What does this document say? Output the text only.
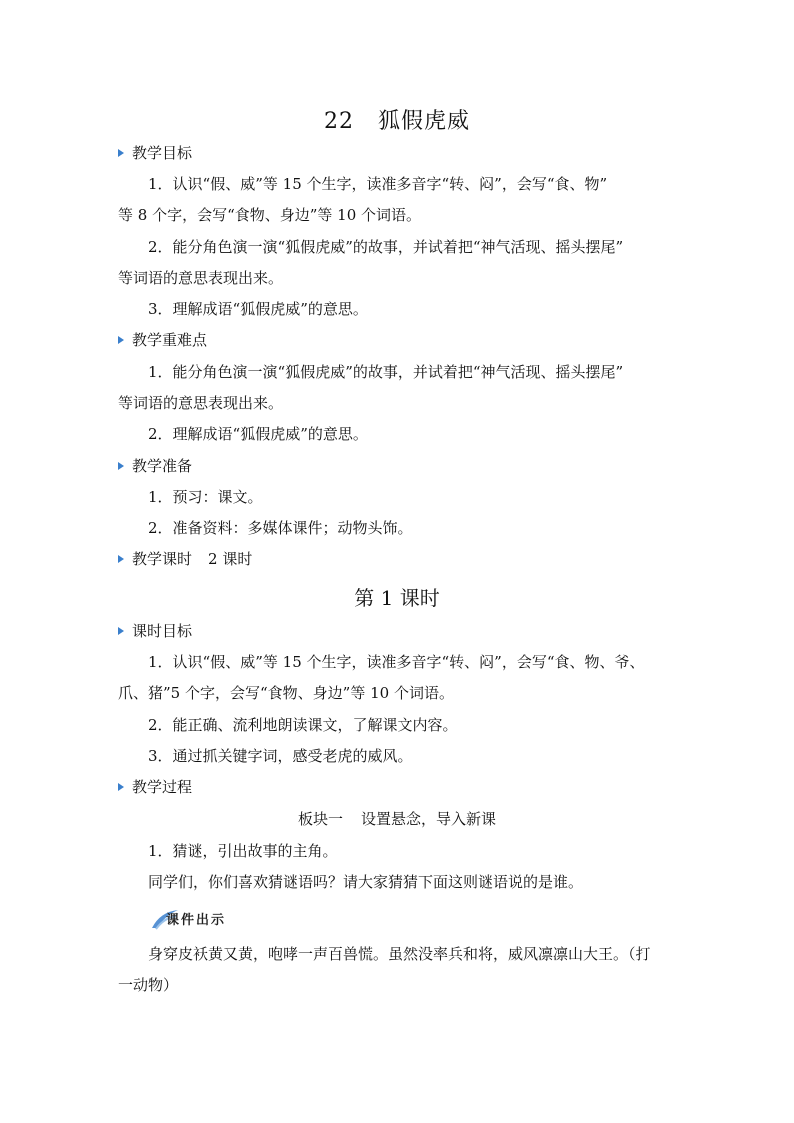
22 狐假虎威
教学目标
1．认识“假、威”等 15 个生字，读准多音字“转、闷”，会写“食、物”
等 8 个字，会写“食物、身边”等 10 个词语。
2．能分角色演一演“狐假虎威”的故事，并试着把“神气活现、摇头摆尾”
等词语的意思表现出来。
3．理解成语“狐假虎威”的意思。
教学重难点
1．能分角色演一演“狐假虎威”的故事，并试着把“神气活现、摇头摆尾”
等词语的意思表现出来。
2．理解成语“狐假虎威”的意思。
教学准备
1．预习：课文。
2．准备资料：多媒体课件；动物头饰。
教学课时 2 课时
第 1 课时
课时目标
1．认识“假、威”等 15 个生字，读准多音字“转、闷”，会写“食、物、爷、
爪、猪”5 个字，会写“食物、身边”等 10 个词语。
2．能正确、流利地朗读课文，了解课文内容。
3．通过抓关键字词，感受老虎的威风。
教学过程
板块一 设置悬念，导入新课
1．猜谜，引出故事的主角。
同学们，你们喜欢猜谜语吗？请大家猜猜下面这则谜语说的是谁。
课件出示
身穿皮袄黄又黄，咆哮一声百兽慌。虽然没率兵和将，威风凛凛山大王。（打
一动物）
